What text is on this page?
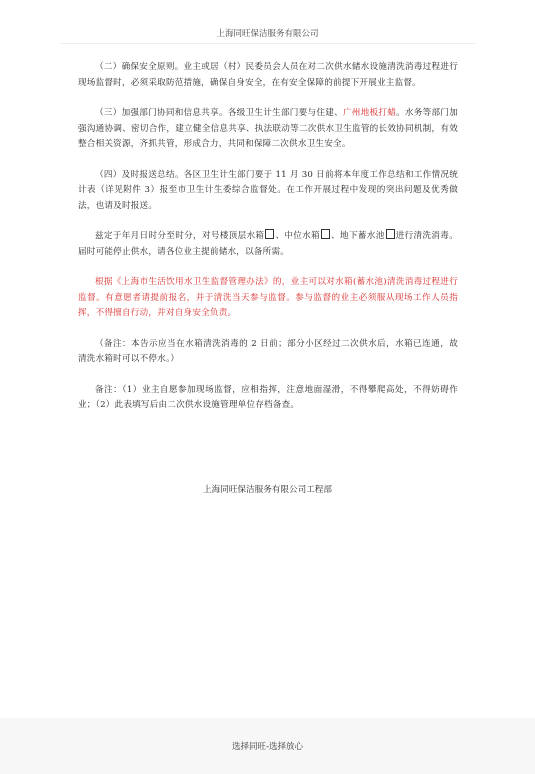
上海同旺保洁服务有限公司

（二）确保安全原则。业主或居（村）民委员会人员在对二次供水储水设施清洗消毒过程进行现场监督时，必须采取防范措施，确保自身安全，在有安全保障的前提下开展业主监督。

（三）加强部门协同和信息共享。各级卫生计生部门要与住建、广州地板打蜡。水务等部门加强沟通协调、密切合作，建立健全信息共享、执法联动等二次供水卫生监管的长效协同机制，有效整合相关资源，齐抓共管，形成合力，共同和保障二次供水卫生安全。

（四）及时报送总结。各区卫生计生部门要于 11 月 30 日前将本年度工作总结和工作情况统计表（详见附件 3）报至市卫生计生委综合监督处。在工作开展过程中发现的突出问题及优秀做法，也请及时报送。

兹定于年月日时分至时分，对号楼顶层水箱 、中位水箱 、地下蓄水池 进行清洗消毒。届时可能停止供水，请各位业主提前储水，以备所需。

根据《上海市生活饮用水卫生监督管理办法》的，业主可以对水箱(蓄水池)清洗消毒过程进行监督。有意愿者请提前报名，并于清洗当天参与监督。参与监督的业主必须服从现场工作人员指挥，不得擅自行动，并对自身安全负责。

（备注：本告示应当在水箱清洗消毒的 2 日前；部分小区经过二次供水后，水箱已连通，故清洗水箱时可以不停水。）

备注：（1）业主自愿参加现场监督，应相指挥，注意地面湿滑，不得攀爬高处，不得妨碍作业；（2）此表填写后由二次供水设施管理单位存档备查。

上海同旺保洁服务有限公司工程部
选择同旺-选择放心
